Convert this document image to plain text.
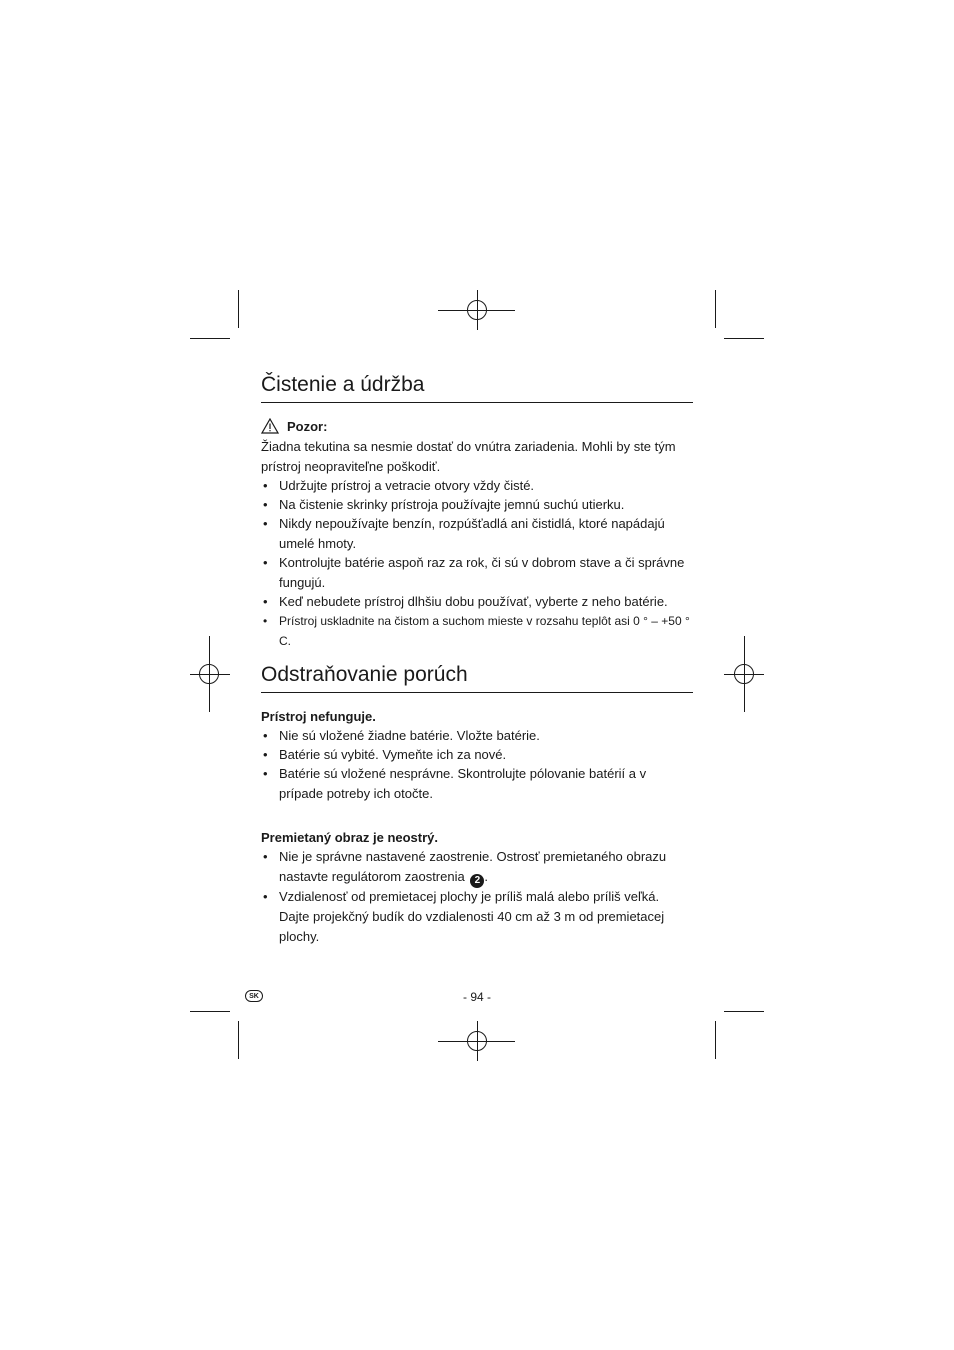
Čistenie a údržba
Pozor:

Žiadna tekutina sa nesmie dostať do vnútra zariadenia. Mohli by ste tým prístroj neopraviteľne poškodiť.

• Udržujte prístroj a vetracie otvory vždy čisté.
• Na čistenie skrinky prístroja používajte jemnú suchú utierku.
• Nikdy nepoužívajte benzín, rozpúšťadlá ani čistidlá, ktoré napádajú umelé hmoty.
• Kontrolujte batérie aspoň raz za rok, či sú v dobrom stave a či správne fungujú.
• Keď nebudete prístroj dlhšiu dobu používať, vyberte z neho batérie.
• Prístroj uskladnite na čistom a suchom mieste v rozsahu teplôt asi 0 ° – +50 ° C.
Odstraňovanie porúch

Prístroj nefunguje.

• Nie sú vložené žiadne batérie. Vložte batérie.
• Batérie sú vybité. Vymeňte ich za nové.
• Batérie sú vložené nesprávne. Skontrolujte pólovanie batérií a v prípade potreby ich otočte.

Premietaný obraz je neostrý.

• Nie je správne nastavené zaostrenie. Ostrosť premietaného obrazu nastavte regulátorom zaostrenia 2 .
• Vzdialenosť od premietacej plochy je príliš malá alebo príliš veľká. Dajte projekčný budík do vzdialenosti 40 cm až 3 m od premietacej plochy.
SK	- 94 -
